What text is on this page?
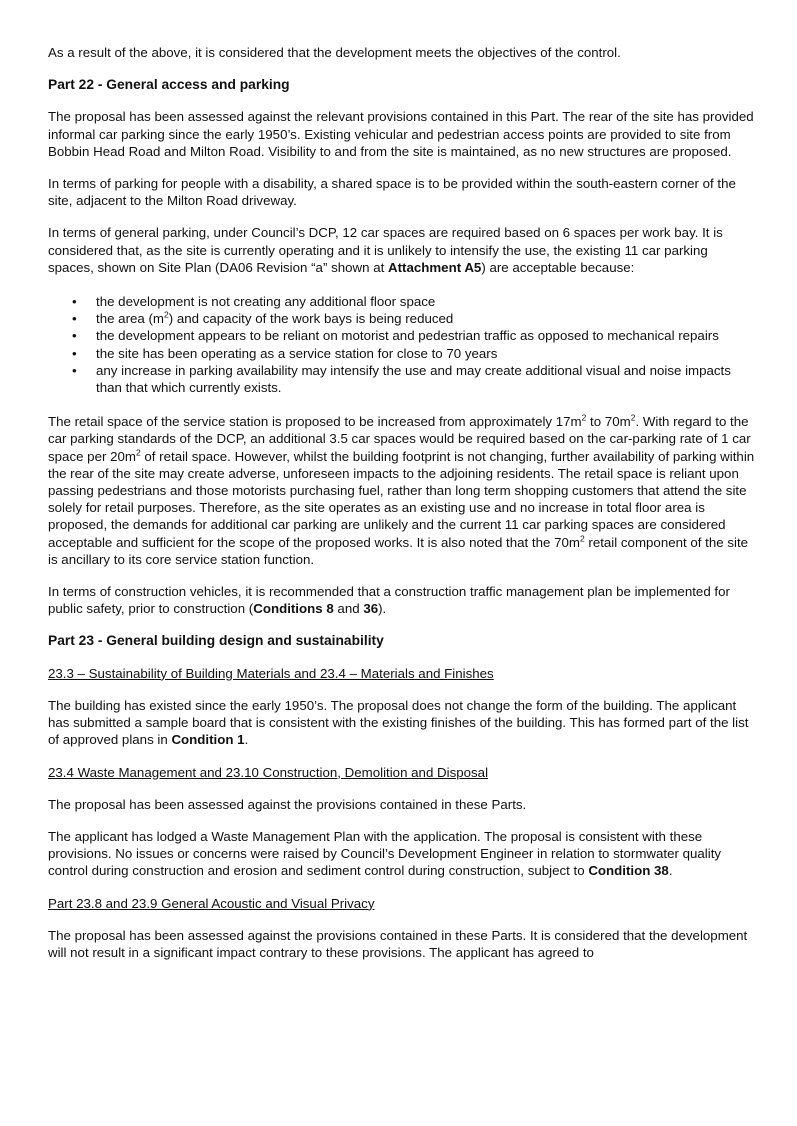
As a result of the above, it is considered that the development meets the objectives of the control.

Part 22 - General access and parking

The proposal has been assessed against the relevant provisions contained in this Part. The rear of the site has provided informal car parking since the early 1950’s. Existing vehicular and pedestrian access points are provided to site from Bobbin Head Road and Milton Road. Visibility to and from the site is maintained, as no new structures are proposed.

In terms of parking for people with a disability, a shared space is to be provided within the south-eastern corner of the site, adjacent to the Milton Road driveway.

In terms of general parking, under Council’s DCP, 12 car spaces are required based on 6 spaces per work bay. It is considered that, as the site is currently operating and it is unlikely to intensify the use, the existing 11 car parking spaces, shown on Site Plan (DA06 Revision “a” shown at Attachment A5) are acceptable because:

• the development is not creating any additional floor space
• the area $(m^2)$ and capacity of the work bays is being reduced
• the development appears to be reliant on motorist and pedestrian traffic as opposed to mechanical repairs
• the site has been operating as a service station for close to 70 years
• any increase in parking availability may intensify the use and may create additional visual and noise impacts than that which currently exists.

The retail space of the service station is proposed to be increased from approximately $17m^2$ to $70m^2$. With regard to the car parking standards of the DCP, an additional 3.5 car spaces would be required based on the car-parking rate of 1 car space per $20m^2$ of retail space. However, whilst the building footprint is not changing, further availability of parking within the rear of the site may create adverse, unforeseen impacts to the adjoining residents. The retail space is reliant upon passing pedestrians and those motorists purchasing fuel, rather than long term shopping customers that attend the site solely for retail purposes. Therefore, as the site operates as an existing use and no increase in total floor area is proposed, the demands for additional car parking are unlikely and the current 11 car parking spaces are considered acceptable and sufficient for the scope of the proposed works. It is also noted that the $70m^2$ retail component of the site is ancillary to its core service station function.

In terms of construction vehicles, it is recommended that a construction traffic management plan be implemented for public safety, prior to construction (Conditions 8 and 36).

Part 23 - General building design and sustainability
23.3 – Sustainability of Building Materials and 23.4 – Materials and Finishes

The building has existed since the early 1950’s. The proposal does not change the form of the building. The applicant has submitted a sample board that is consistent with the existing finishes of the building. This has formed part of the list of approved plans in Condition 1.

23.4 Waste Management and 23.10 Construction, Demolition and Disposal

The proposal has been assessed against the provisions contained in these Parts.

The applicant has lodged a Waste Management Plan with the application. The proposal is consistent with these provisions. No issues or concerns were raised by Council’s Development Engineer in relation to stormwater quality control during construction and erosion and sediment control during construction, subject to Condition 38.

Part 23.8 and 23.9 General Acoustic and Visual Privacy

The proposal has been assessed against the provisions contained in these Parts. It is considered that the development will not result in a significant impact contrary to these provisions. The applicant has agreed to
